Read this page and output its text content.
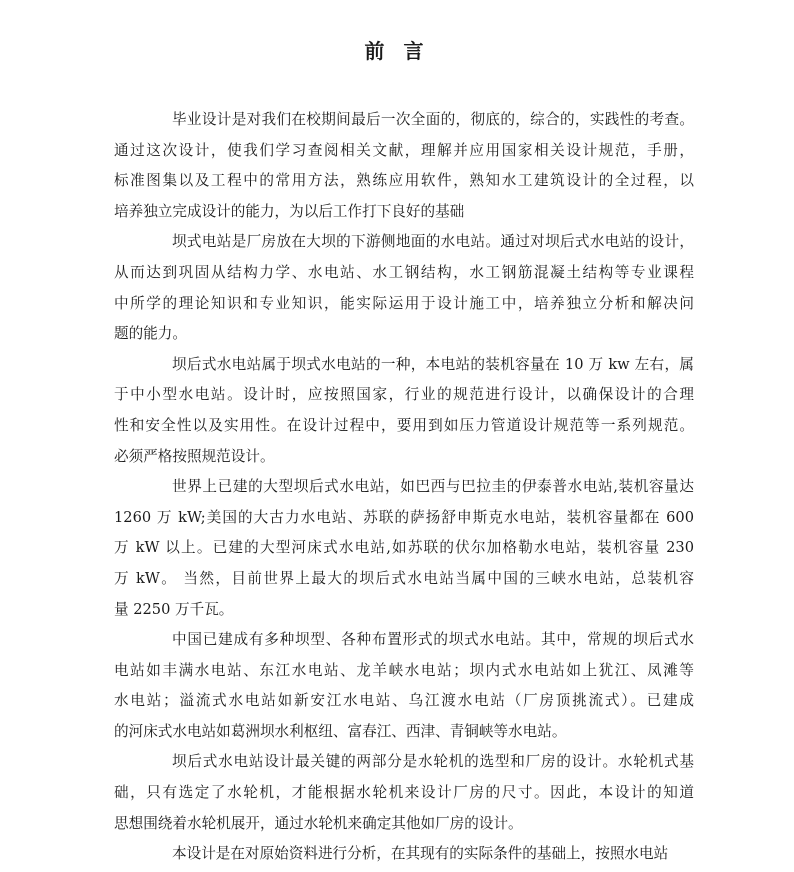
前 言
毕业设计是对我们在校期间最后一次全面的，彻底的，综合的，实践性的考查。
通过这次设计，使我们学习查阅相关文献，理解并应用国家相关设计规范，手册，
标准图集以及工程中的常用方法，熟练应用软件，熟知水工建筑设计的全过程，以
培养独立完成设计的能力，为以后工作打下良好的基础
坝式电站是厂房放在大坝的下游侧地面的水电站。通过对坝后式水电站的设计，
从而达到巩固从结构力学、水电站、水工钢结构，水工钢筋混凝土结构等专业课程
中所学的理论知识和专业知识，能实际运用于设计施工中，培养独立分析和解决问
题的能力。
坝后式水电站属于坝式水电站的一种，本电站的装机容量在 10 万 kw 左右，属
于中小型水电站。设计时，应按照国家，行业的规范进行设计，以确保设计的合理
性和安全性以及实用性。在设计过程中，要用到如压力管道设计规范等一系列规范。
必须严格按照规范设计。
世界上已建的大型坝后式水电站，如巴西与巴拉圭的伊泰普水电站,装机容量达
1260 万 kW;美国的大古力水电站、苏联的萨扬舒申斯克水电站，装机容量都在 600
万 kW 以上。已建的大型河床式水电站,如苏联的伏尔加格勒水电站，装机容量 230
万 kW。 当然，目前世界上最大的坝后式水电站当属中国的三峡水电站，总装机容
量 2250 万千瓦。
中国已建成有多种坝型、各种布置形式的坝式水电站。其中，常规的坝后式水
电站如丰满水电站、东江水电站、龙羊峡水电站；坝内式水电站如上犹江、凤滩等
水电站；溢流式水电站如新安江水电站、乌江渡水电站（厂房顶挑流式）。已建成
的河床式水电站如葛洲坝水利枢纽、富春江、西津、青铜峡等水电站。
坝后式水电站设计最关键的两部分是水轮机的选型和厂房的设计。水轮机式基
础，只有选定了水轮机，才能根据水轮机来设计厂房的尺寸。因此，本设计的知道
思想围绕着水轮机展开，通过水轮机来确定其他如厂房的设计。
本设计是在对原始资料进行分析，在其现有的实际条件的基础上，按照水电站
